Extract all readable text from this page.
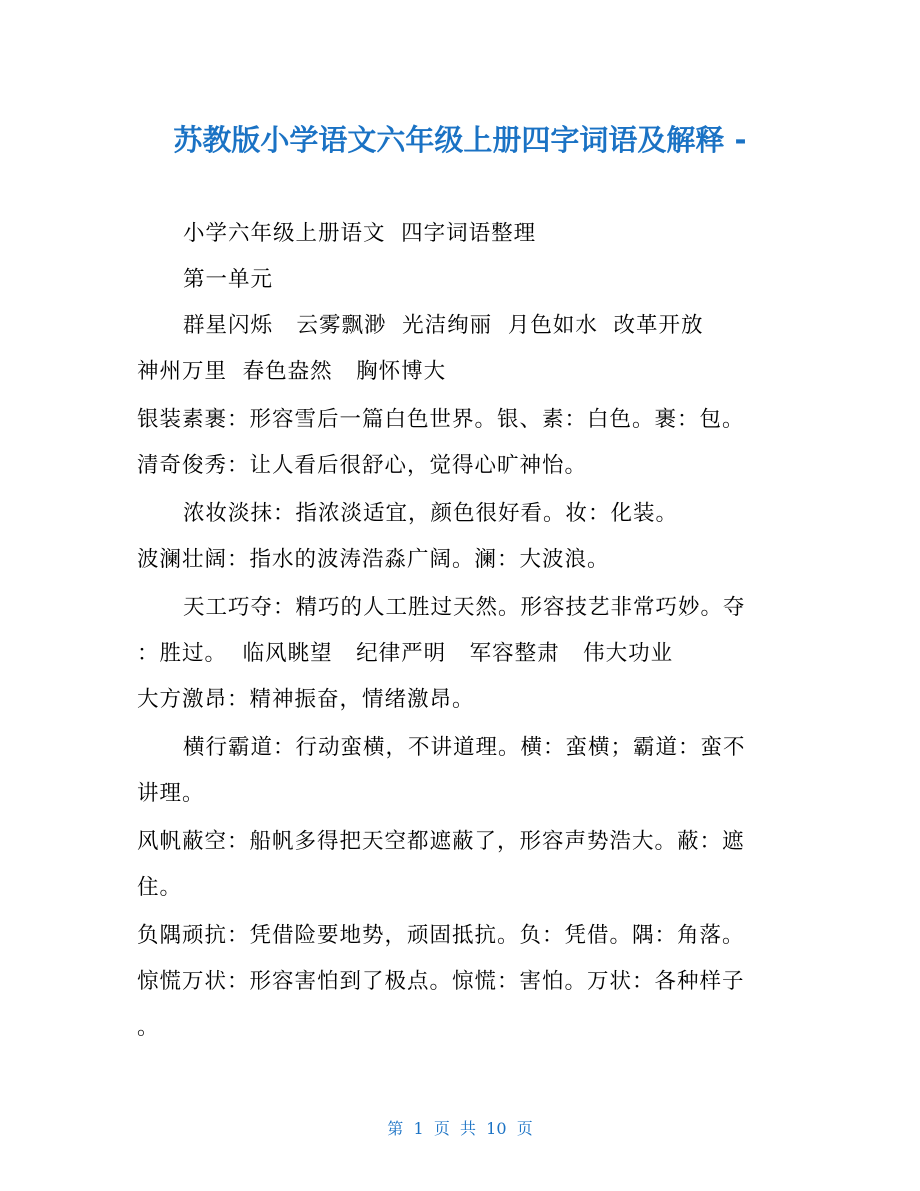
苏教版小学语文六年级上册四字词语及解释 -
小学六年级上册语文  四字词语整理
第一单元
群星闪烁   云雾飘渺  光洁绚丽  月色如水  改革开放
神州万里  春色盎然   胸怀博大
银装素裹：形容雪后一篇白色世界。银、素：白色。裹：包。
清奇俊秀：让人看后很舒心，觉得心旷神怡。
浓妆淡抹：指浓淡适宜，颜色很好看。妆：化装。
波澜壮阔：指水的波涛浩淼广阔。澜：大波浪。
天工巧夺：精巧的人工胜过天然。形容技艺非常巧妙。夺
：胜过。  临风眺望   纪律严明   军容整肃   伟大功业
大方激昂：精神振奋，情绪激昂。
横行霸道：行动蛮横，不讲道理。横：蛮横；霸道：蛮不
讲理。
风帆蔽空：船帆多得把天空都遮蔽了，形容声势浩大。蔽：遮
住。
负隅顽抗：凭借险要地势，顽固抵抗。负：凭借。隅：角落。
惊慌万状：形容害怕到了极点。惊慌：害怕。万状：各种样子
。
第  1  页  共  10  页
